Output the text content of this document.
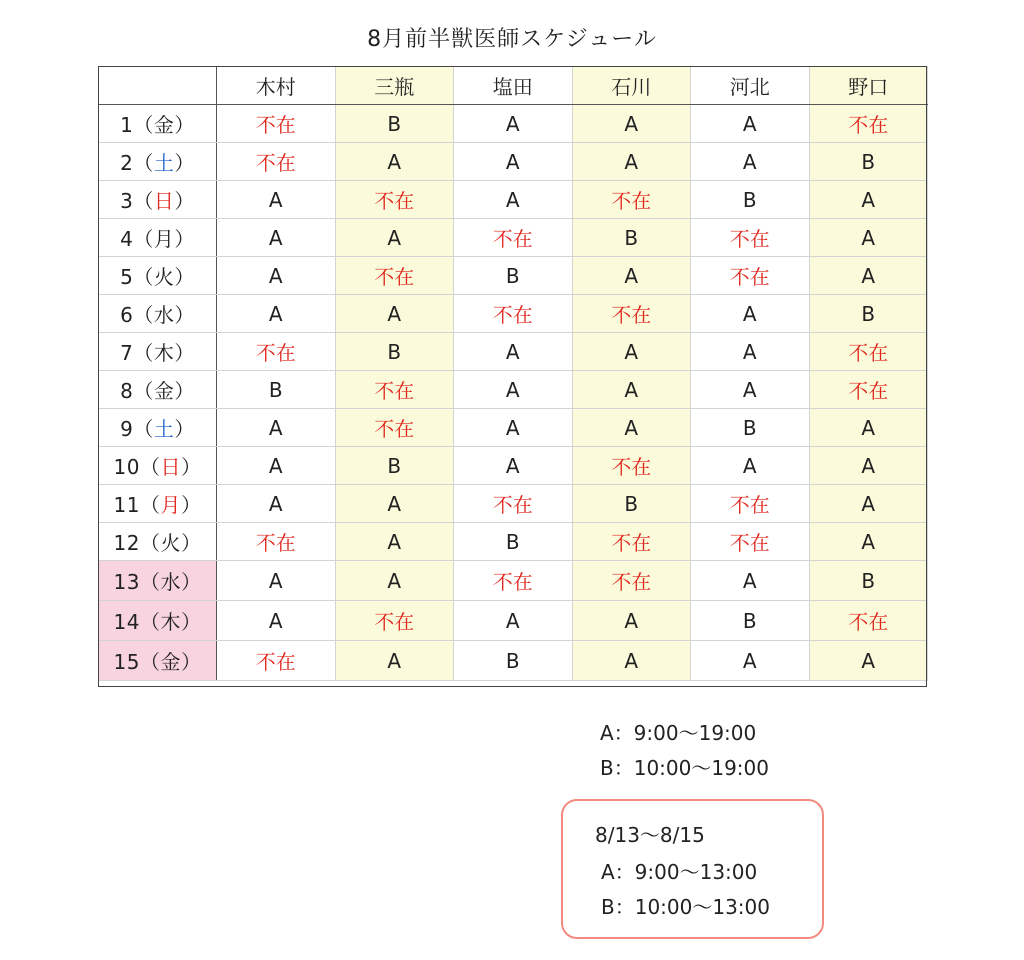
8月前半獣医師スケジュール
	木村	三瓶	塩田	石川	河北	野口
1（金）	不在	B	A	A	A	不在
2（土）	不在	A	A	A	A	B
3（日）	A	不在	A	不在	B	A
4（月）	A	A	不在	B	不在	A
5（火）	A	不在	B	A	不在	A
6（水）	A	A	不在	不在	A	B
7（木）	不在	B	A	A	A	不在
8（金）	B	不在	A	A	A	不在
9（土）	A	不在	A	A	B	A
10（日）	A	B	A	不在	A	A
11（月）	A	A	不在	B	不在	A
12（火）	不在	A	B	不在	不在	A
13（水）	A	A	不在	不在	A	B
14（木）	A	不在	A	A	B	不在
15（金）	不在	A	B	A	A	A
A：9:00〜19:00
B：10:00〜19:00
8/13〜8/15
A：9:00〜13:00
B：10:00〜13:00
